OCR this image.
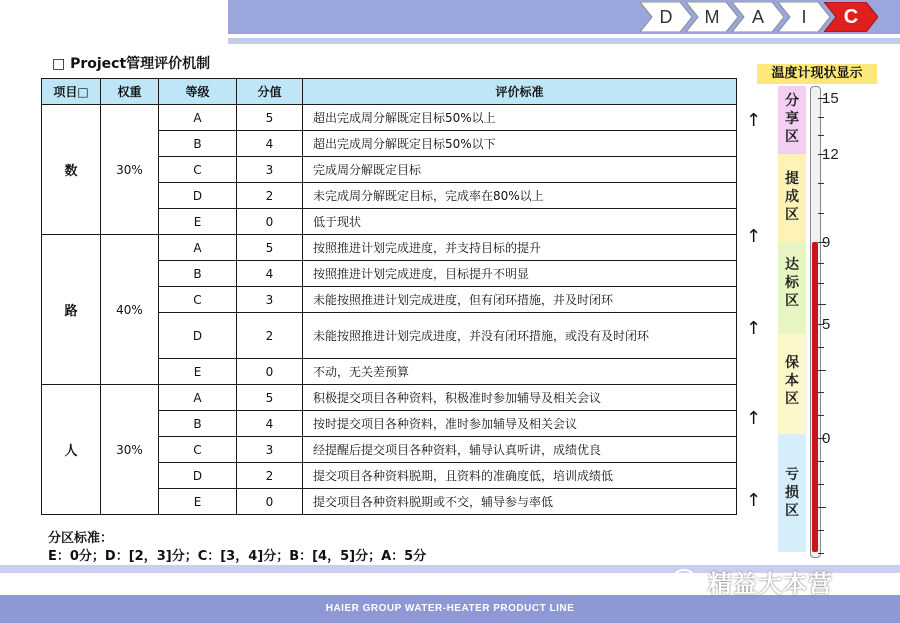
D	M	A	I	C
□ Project管理评价机制
项目□	权重	等级	分值	评价标准
数	30%	A	5	超出完成周分解既定目标50%以上
		B	4	超出完成周分解既定目标50%以下
		C	3	完成周分解既定目标
		D	2	未完成周分解既定目标，完成率在80%以上
		E	0	低于现状
路	40%	A	5	按照推进计划完成进度，并支持目标的提升
		B	4	按照推进计划完成进度，目标提升不明显
		C	3	未能按照推进计划完成进度，但有闭环措施，并及时闭环
		D	2	未能按照推进计划完成进度，并没有闭环措施，或没有及时闭环
		E	0	不动，无关差预算
人	30%	A	5	积极提交项目各种资料，积极准时参加辅导及相关会议
		B	4	按时提交项目各种资料，准时参加辅导及相关会议
		C	3	经提醒后提交项目各种资料，辅导认真听讲，成绩优良
		D	2	提交项目各种资料脱期，且资料的准确度低，培训成绩低
		E	0	提交项目各种资料脱期或不交，辅导参与率低
↑
↑
↑
↑
↑
温度计现状显示
分享区
提成区
达标区
保本区
亏损区
15
12
9
5
0
分区标准：
E：0分；D：[2，3]分；C：[3，4]分；B：[4，5]分；A：5分
HAIER GROUP WATER-HEATER PRODUCT LINE
精益大本营
